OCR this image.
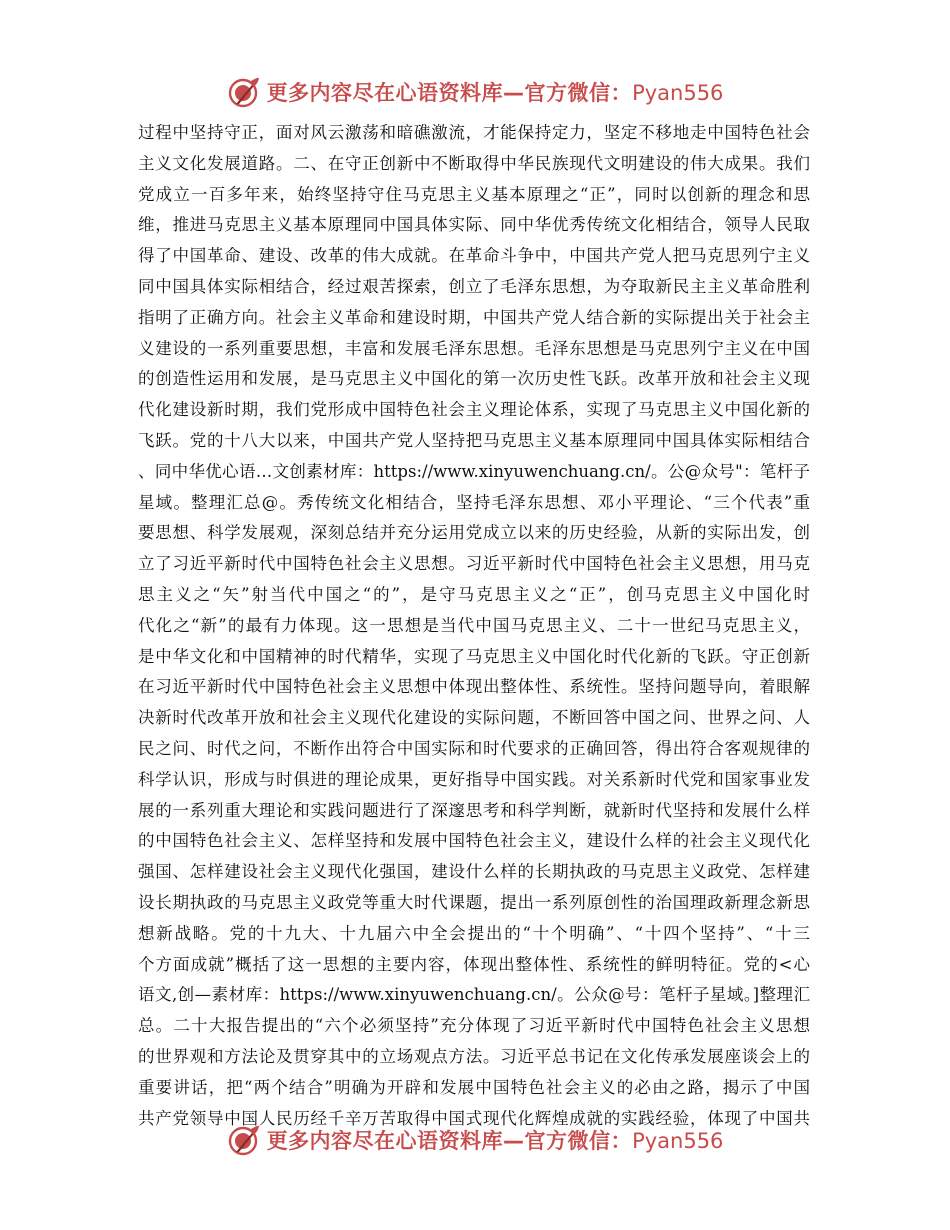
更多内容尽在心语资料库—官方微信：Pyan556
过程中坚持守正，面对风云激荡和暗礁激流，才能保持定力，坚定不移地走中国特色社会
主义文化发展道路。二、在守正创新中不断取得中华民族现代文明建设的伟大成果。我们
党成立一百多年来，始终坚持守住马克思主义基本原理之“正”，同时以创新的理念和思
维，推进马克思主义基本原理同中国具体实际、同中华优秀传统文化相结合，领导人民取
得了中国革命、建设、改革的伟大成就。在革命斗争中，中国共产党人把马克思列宁主义
同中国具体实际相结合，经过艰苦探索，创立了毛泽东思想，为夺取新民主主义革命胜利
指明了正确方向。社会主义革命和建设时期，中国共产党人结合新的实际提出关于社会主
义建设的一系列重要思想，丰富和发展毛泽东思想。毛泽东思想是马克思列宁主义在中国
的创造性运用和发展，是马克思主义中国化的第一次历史性飞跃。改革开放和社会主义现
代化建设新时期，我们党形成中国特色社会主义理论体系，实现了马克思主义中国化新的
飞跃。党的十八大以来，中国共产党人坚持把马克思主义基本原理同中国具体实际相结合
、同中华优心语…文创素材库：https://www.xinyuwenchuang.cn/。公@众号"：笔杆子
星域。整理汇总@。秀传统文化相结合，坚持毛泽东思想、邓小平理论、“三个代表”重
要思想、科学发展观，深刻总结并充分运用党成立以来的历史经验，从新的实际出发，创
立了习近平新时代中国特色社会主义思想。习近平新时代中国特色社会主义思想，用马克
思主义之“矢”射当代中国之“的”，是守马克思主义之“正”，创马克思主义中国化时
代化之“新”的最有力体现。这一思想是当代中国马克思主义、二十一世纪马克思主义，
是中华文化和中国精神的时代精华，实现了马克思主义中国化时代化新的飞跃。守正创新
在习近平新时代中国特色社会主义思想中体现出整体性、系统性。坚持问题导向，着眼解
决新时代改革开放和社会主义现代化建设的实际问题，不断回答中国之问、世界之问、人
民之问、时代之问，不断作出符合中国实际和时代要求的正确回答，得出符合客观规律的
科学认识，形成与时俱进的理论成果，更好指导中国实践。对关系新时代党和国家事业发
展的一系列重大理论和实践问题进行了深邃思考和科学判断，就新时代坚持和发展什么样
的中国特色社会主义、怎样坚持和发展中国特色社会主义，建设什么样的社会主义现代化
强国、怎样建设社会主义现代化强国，建设什么样的长期执政的马克思主义政党、怎样建
设长期执政的马克思主义政党等重大时代课题，提出一系列原创性的治国理政新理念新思
想新战略。党的十九大、十九届六中全会提出的“十个明确”、“十四个坚持”、“十三
个方面成就”概括了这一思想的主要内容，体现出整体性、系统性的鲜明特征。党的<心
语文,创—素材库：https://www.xinyuwenchuang.cn/。公众@号：笔杆子星域。]整理汇
总。二十大报告提出的“六个必须坚持”充分体现了习近平新时代中国特色社会主义思想
的世界观和方法论及贯穿其中的立场观点方法。习近平总书记在文化传承发展座谈会上的
重要讲话，把“两个结合”明确为开辟和发展中国特色社会主义的必由之路，揭示了中国
共产党领导中国人民历经千辛万苦取得中国式现代化辉煌成就的实践经验，体现了中国共
更多内容尽在心语资料库—官方微信：Pyan556
